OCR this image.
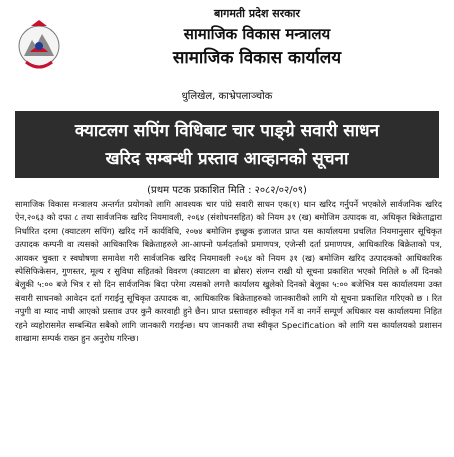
बागमती प्रदेश सरकार
सामाजिक विकास मन्त्रालय
सामाजिक विकास कार्यालय
धुलिखेल, काभ्रेपलाञ्चोक
क्याटलग सपिंग विधिबाट चार पाङ्ग्रे सवारी साधन
खरिद सम्बन्धी प्रस्ताव आव्हानको सूचना
(प्रथम पटक प्रकाशित मिति : २०८२/०२/०९)
सामाजिक विकास मन्त्रालय अन्तर्गत प्रयोगको लागि आवश्यक चार पांग्रे सवारी साधन एक(१) थान खरिद गर्नुपर्ने भएकोले सार्वजनिक खरिद ऐन,२०६३ को दफा ८ तथा सार्वजनिक खरिद नियमावली, २०६४ (संशोधनसहित) को नियम ३१ (ख) बमोजिम उत्पादक वा, अधिकृत बिक्रेताद्वारा निर्धारित दरमा (क्याटलग सपिंग) खरिद गर्ने कार्यविधि, २०७४ बमोजिम इच्छुक इजाजत प्राप्त यस कार्यालयमा प्रचलित नियमानुसार सूचिकृत उत्पादक कम्पनी वा त्यसको आधिकारिक बिक्रेताहरुले आ-आफ्नो फर्मदर्ताको प्रमाणपत्र, एजेन्सी दर्ता प्रमाणपत्र, आधिकारिक बिक्रेताको पत्र, आयकर चुक्ता र स्वघोषणा समावेश गरी सार्वजनिक खरिद नियमावली २०६४ को नियम ३१ (ख) बमोजिम खरिद उत्पादकको आधिकारिक स्पेसिफिकेसन, गुणस्तर, मूल्य र सुविधा सहितको विवरण (क्याटलग वा ब्रोसर) संलग्न राखी यो सूचना प्रकाशित भएको मितिले ७ औं दिनको बेलुकी ५:०० बजे भित्र र सो दिन सार्वजनिक बिदा परेमा त्यसको लगत्तै कार्यालय खुलेको दिनको बेलुका ५:०० बजेभित्र यस कार्यालयमा उक्त सवारी साधनको आवेदन दर्ता गराईनु सूचिकृत उत्पादक वा, आधिकारिक बिक्रेताहरुको जानकारीको लागि यो सूचना प्रकाशित गरिएको छ । रित नपुगी वा म्याद नाघी आएको प्रस्ताव उपर कुनै कारवाही हुने छैन। प्राप्त प्रस्तावहरु स्वीकृत गर्ने वा नगर्ने सम्पूर्ण अधिकार यस कार्यालयमा निहित रहने व्यहोरासमेत सम्बन्धित सबैको लागि जानकारी गराईन्छ। थप जानकारी तथा स्वीकृत Specification को लागि यस कार्यालयको प्रशासन शाखामा सम्पर्क राख्न हुन अनुरोध गरिन्छ।
